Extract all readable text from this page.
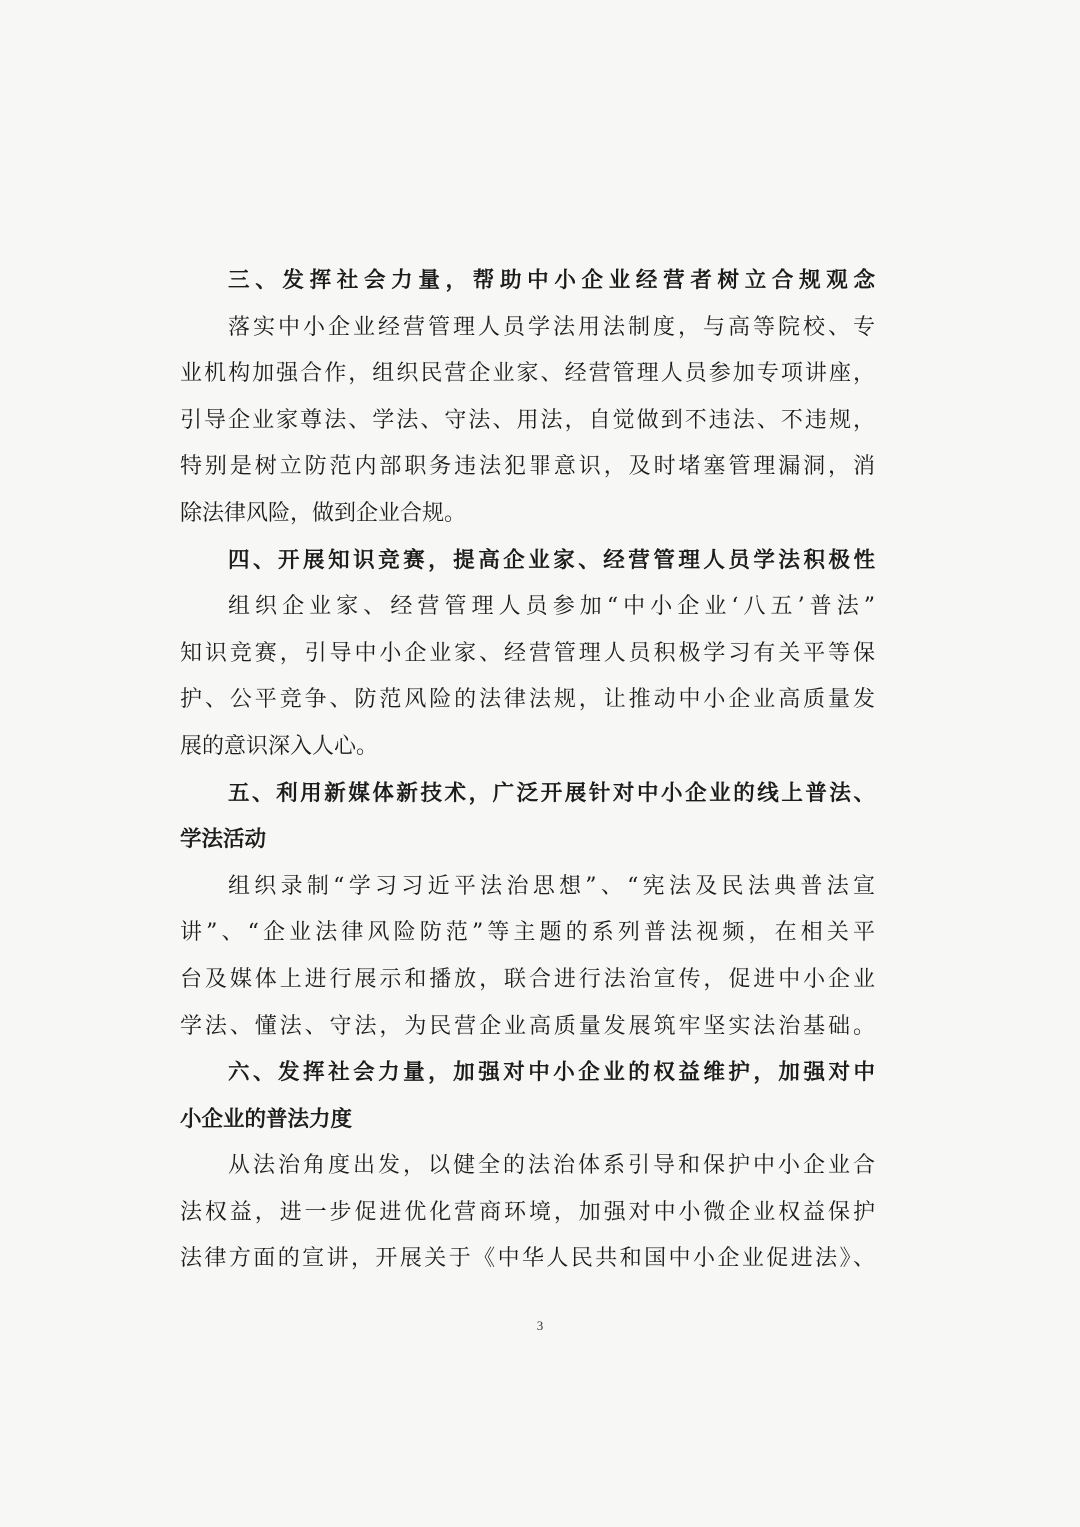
三、发挥社会力量，帮助中小企业经营者树立合规观念
落实中小企业经营管理人员学法用法制度，与高等院校、专
业机构加强合作，组织民营企业家、经营管理人员参加专项讲座，
引导企业家尊法、学法、守法、用法，自觉做到不违法、不违规，
特别是树立防范内部职务违法犯罪意识，及时堵塞管理漏洞，消
除法律风险，做到企业合规。
四、开展知识竞赛，提高企业家、经营管理人员学法积极性
组织企业家、经营管理人员参加“中小企业‘八五’普法”
知识竞赛，引导中小企业家、经营管理人员积极学习有关平等保
护、公平竞争、防范风险的法律法规，让推动中小企业高质量发
展的意识深入人心。
五、利用新媒体新技术，广泛开展针对中小企业的线上普法、
学法活动
组织录制“学习习近平法治思想”、“宪法及民法典普法宣
讲”、“企业法律风险防范”等主题的系列普法视频，在相关平
台及媒体上进行展示和播放，联合进行法治宣传，促进中小企业
学法、懂法、守法，为民营企业高质量发展筑牢坚实法治基础。
六、发挥社会力量，加强对中小企业的权益维护，加强对中
小企业的普法力度
从法治角度出发，以健全的法治体系引导和保护中小企业合
法权益，进一步促进优化营商环境，加强对中小微企业权益保护
法律方面的宣讲，开展关于《中华人民共和国中小企业促进法》、
3
